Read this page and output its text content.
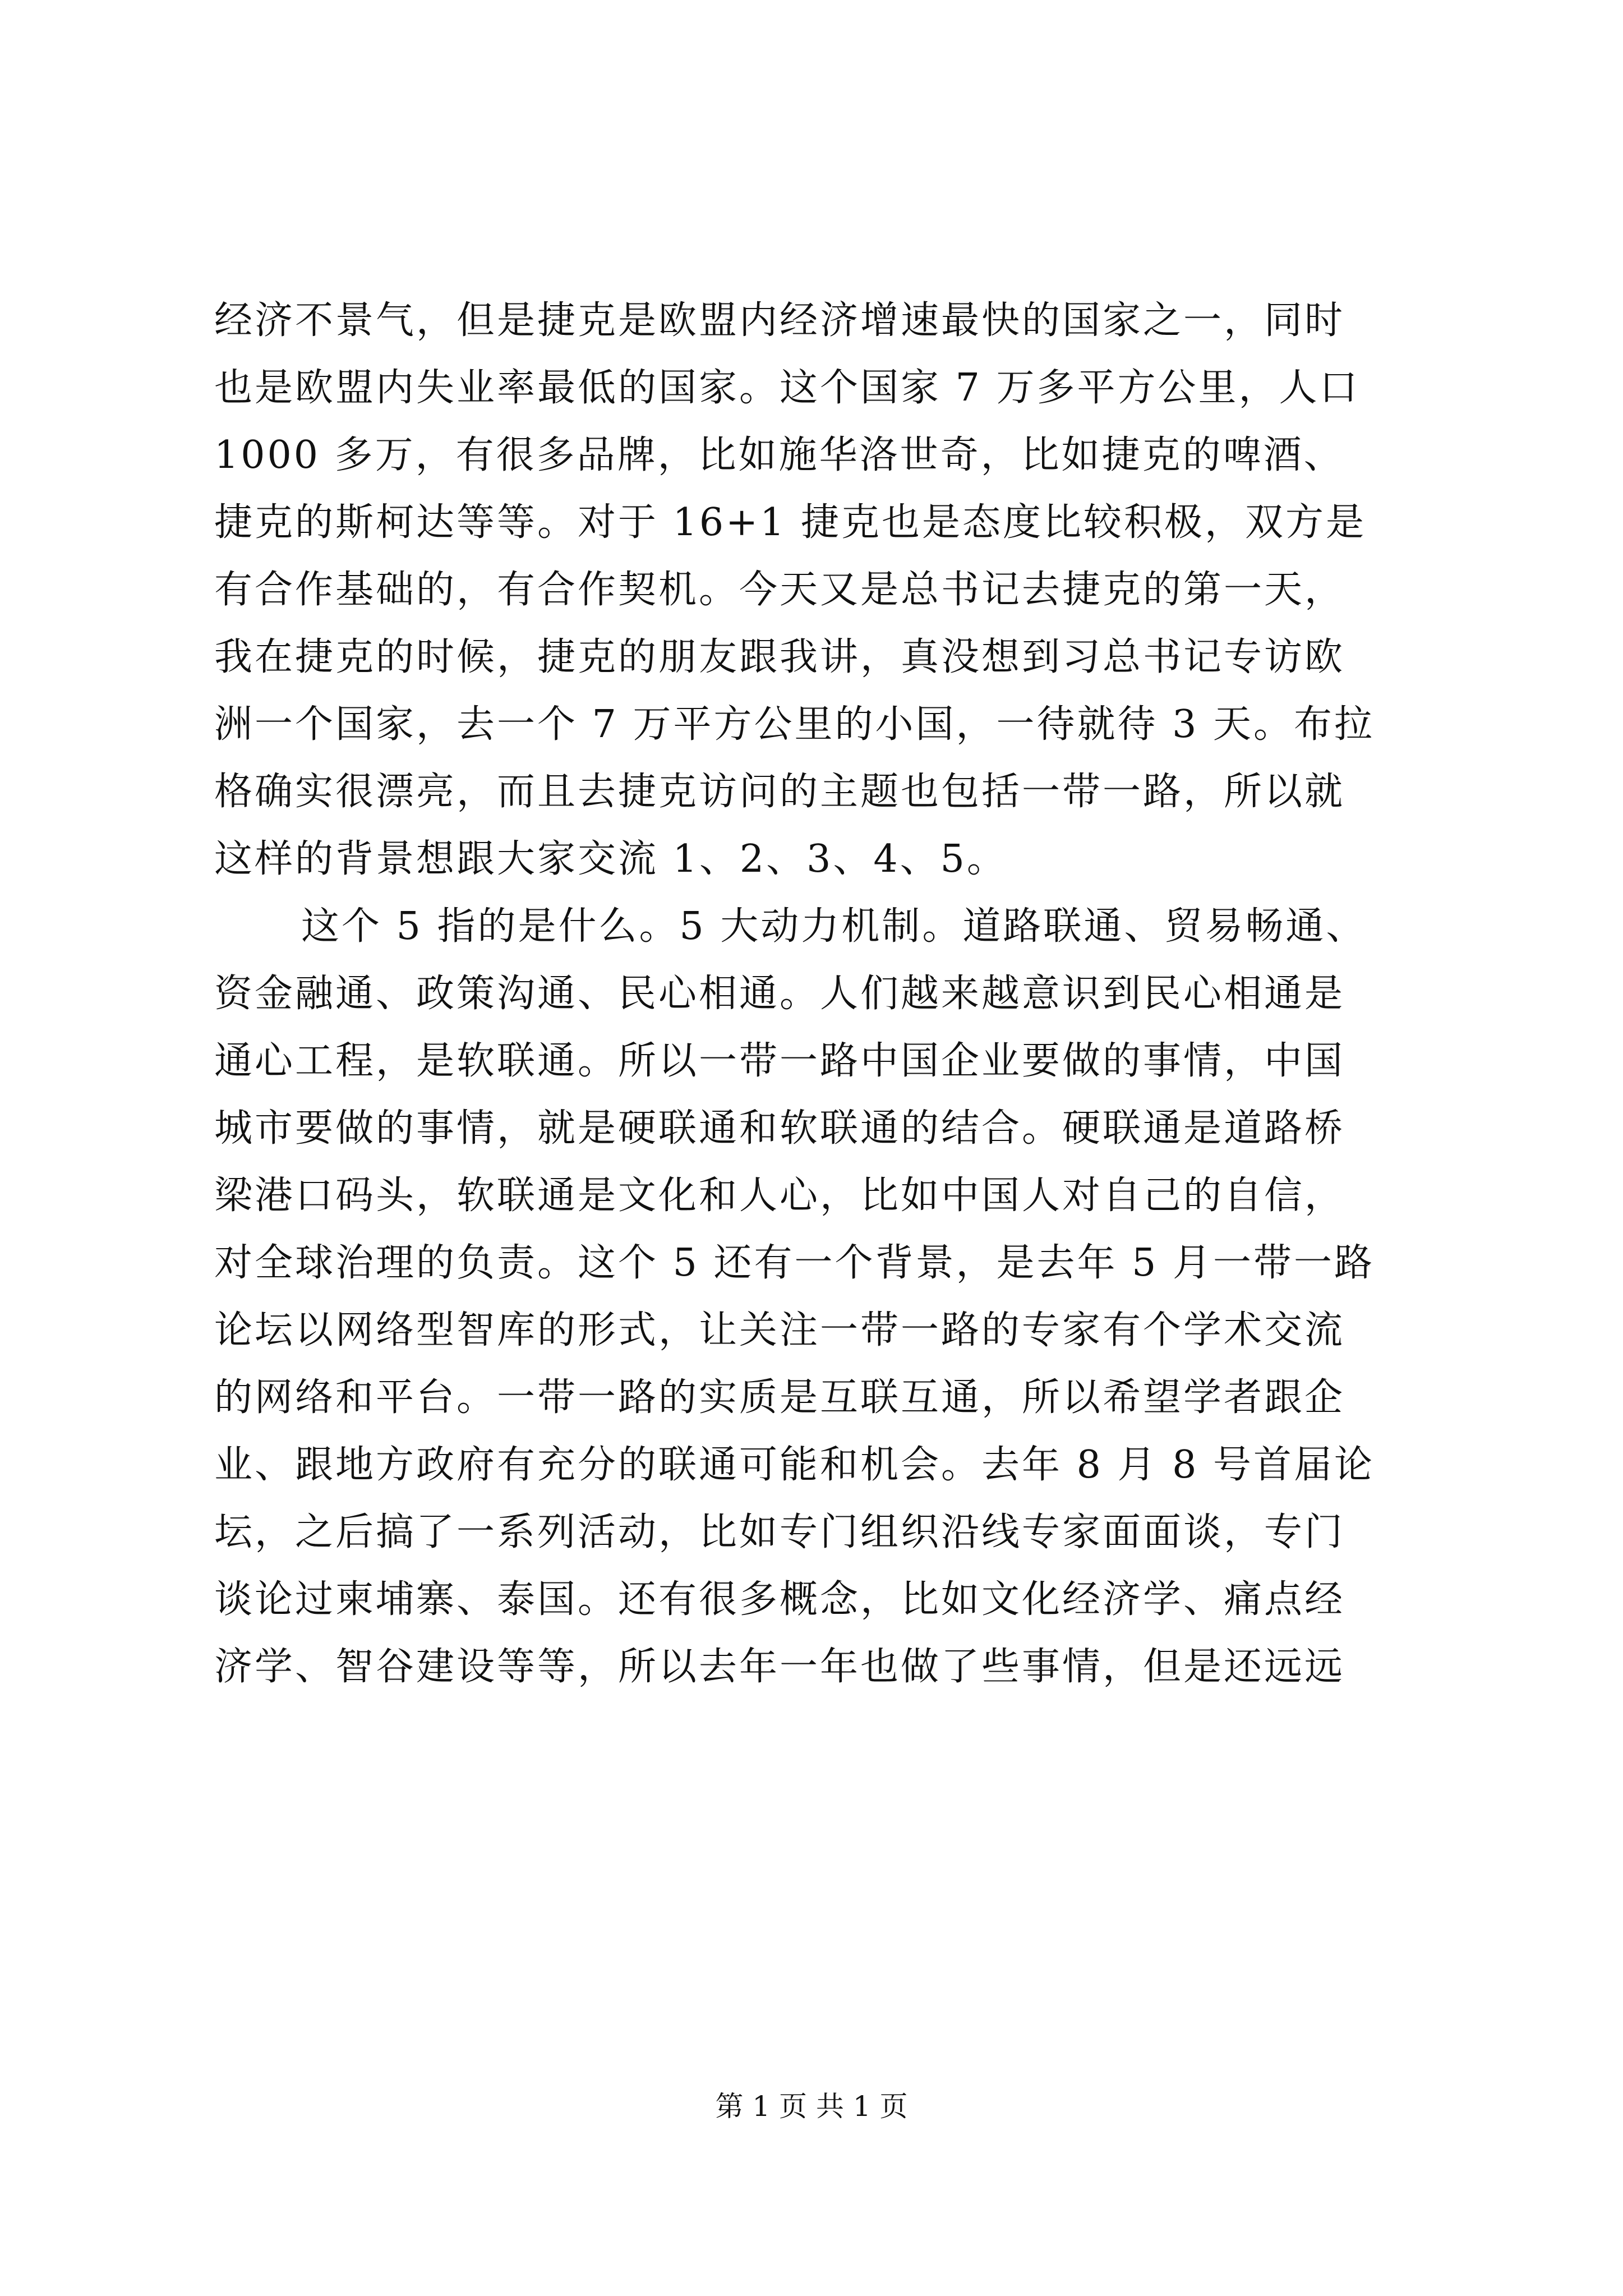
经济不景气，但是捷克是欧盟内经济增速最快的国家之一，同时
也是欧盟内失业率最低的国家。这个国家 7 万多平方公里，人口
1000 多万，有很多品牌，比如施华洛世奇，比如捷克的啤酒、
捷克的斯柯达等等。对于 16+1 捷克也是态度比较积极，双方是
有合作基础的，有合作契机。今天又是总书记去捷克的第一天，
我在捷克的时候，捷克的朋友跟我讲，真没想到习总书记专访欧
洲一个国家，去一个 7 万平方公里的小国，一待就待 3 天。布拉
格确实很漂亮，而且去捷克访问的主题也包括一带一路，所以就
这样的背景想跟大家交流 1、2、3、4、5。
这个 5 指的是什么。5 大动力机制。道路联通、贸易畅通、
资金融通、政策沟通、民心相通。人们越来越意识到民心相通是
通心工程，是软联通。所以一带一路中国企业要做的事情，中国
城市要做的事情，就是硬联通和软联通的结合。硬联通是道路桥
梁港口码头，软联通是文化和人心，比如中国人对自己的自信，
对全球治理的负责。这个 5 还有一个背景，是去年 5 月一带一路
论坛以网络型智库的形式，让关注一带一路的专家有个学术交流
的网络和平台。一带一路的实质是互联互通，所以希望学者跟企
业、跟地方政府有充分的联通可能和机会。去年 8 月 8 号首届论
坛，之后搞了一系列活动，比如专门组织沿线专家面面谈，专门
谈论过柬埔寨、泰国。还有很多概念，比如文化经济学、痛点经
济学、智谷建设等等，所以去年一年也做了些事情，但是还远远
第 1 页 共 1 页
